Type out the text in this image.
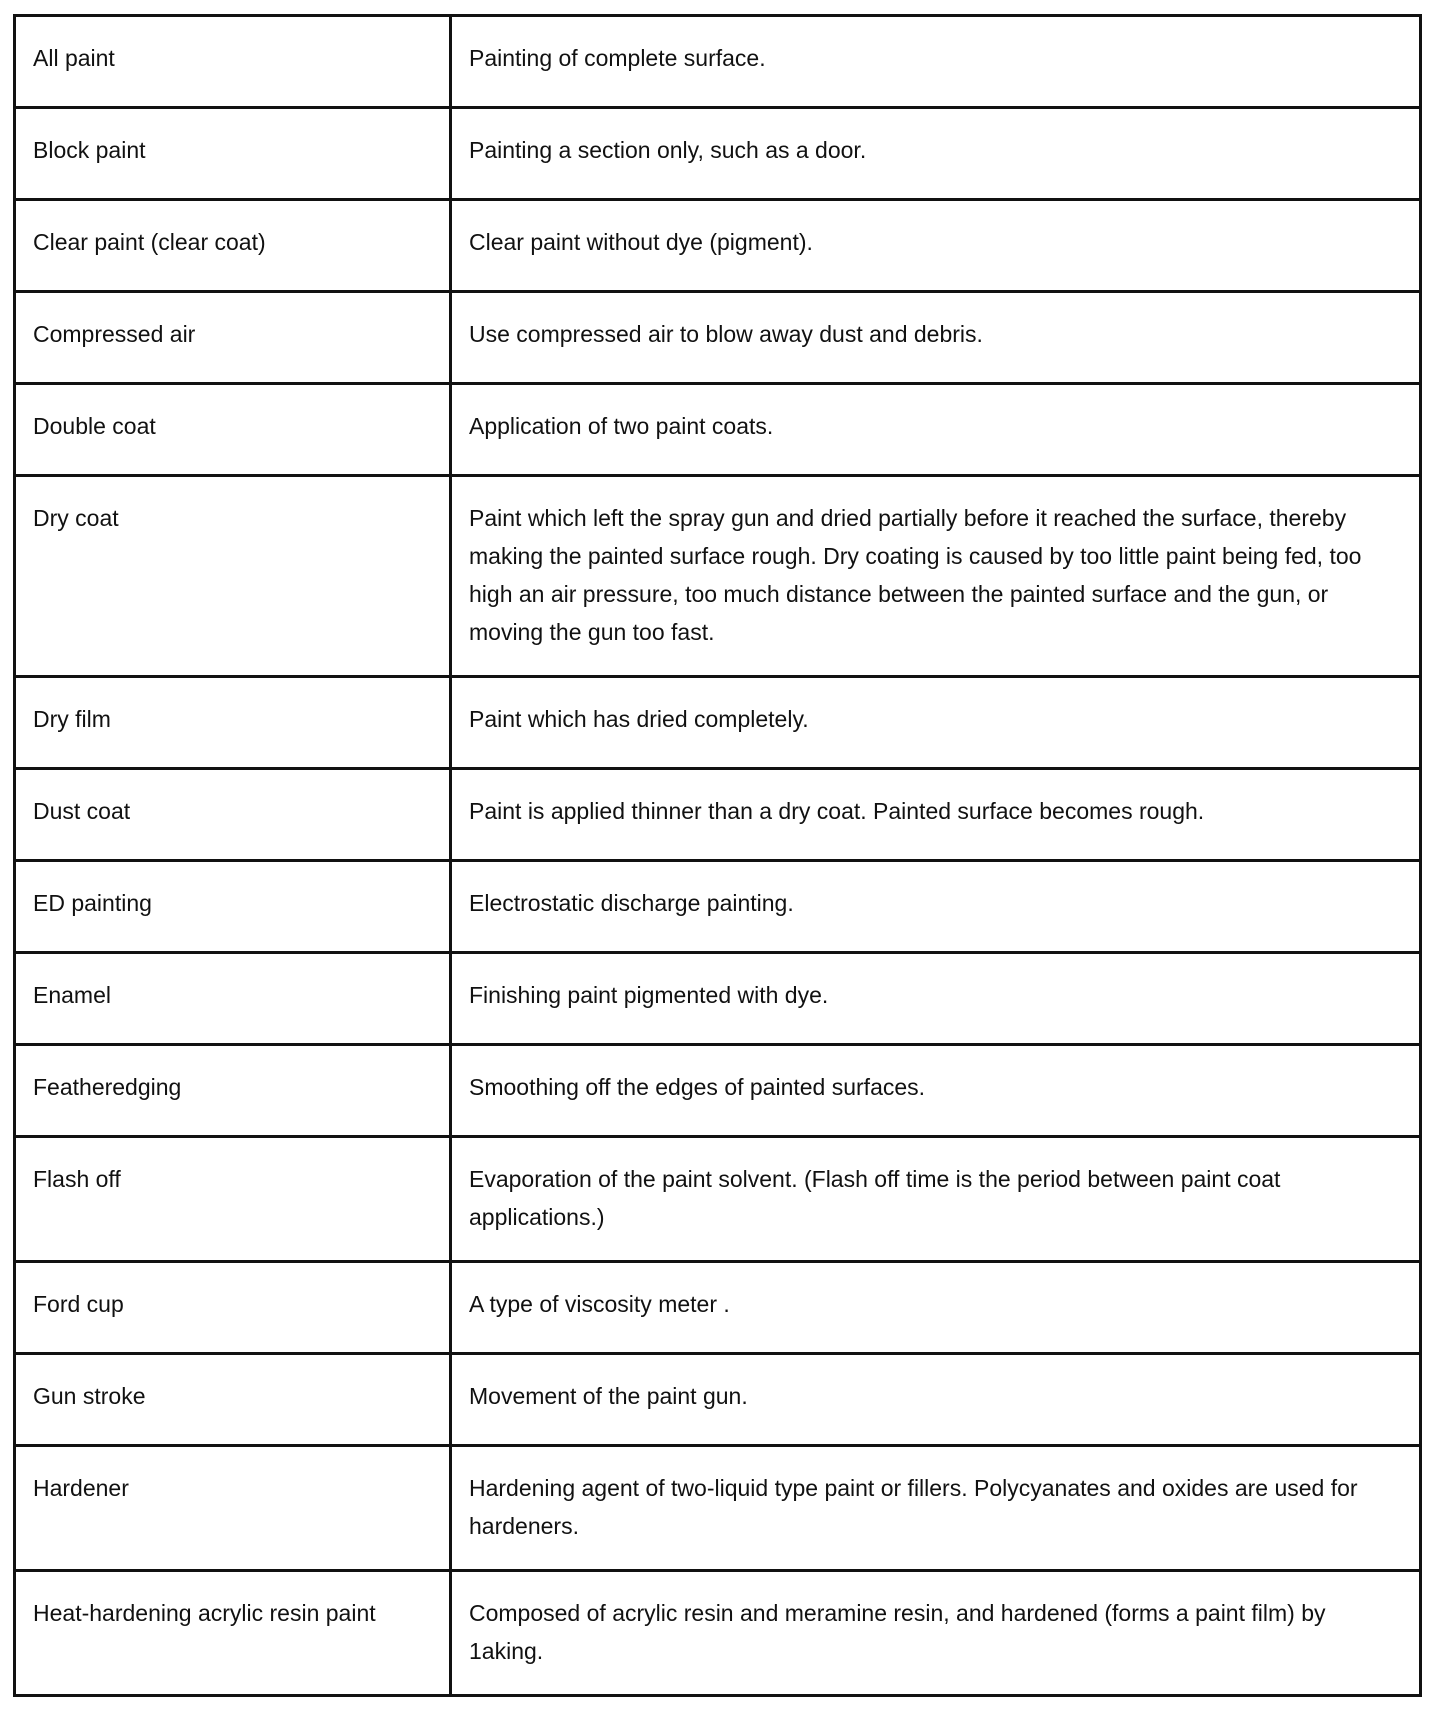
All paint	Painting of complete surface.
Block paint	Painting a section only, such as a door.
Clear paint (clear coat)	Clear paint without dye (pigment).
Compressed air	Use compressed air to blow away dust and debris.
Double coat	Application of two paint coats.
Dry coat	Paint which left the spray gun and dried partially before it reached the surface, thereby making the painted surface rough. Dry coating is caused by too little paint being fed, too high an air pressure, too much distance between the painted surface and the gun, or moving the gun too fast.
Dry film	Paint which has dried completely.
Dust coat	Paint is applied thinner than a dry coat. Painted surface becomes rough.
ED painting	Electrostatic discharge painting.
Enamel	Finishing paint pigmented with dye.
Featheredging	Smoothing off the edges of painted surfaces.
Flash off	Evaporation of the paint solvent. (Flash off time is the period between paint coat applications.)
Ford cup	A type of viscosity meter .
Gun stroke	Movement of the paint gun.
Hardener	Hardening agent of two-liquid type paint or fillers. Polycyanates and oxides are used for hardeners.
Heat-hardening acrylic resin paint	Composed of acrylic resin and meramine resin, and hardened (forms a paint film) by 1aking.
